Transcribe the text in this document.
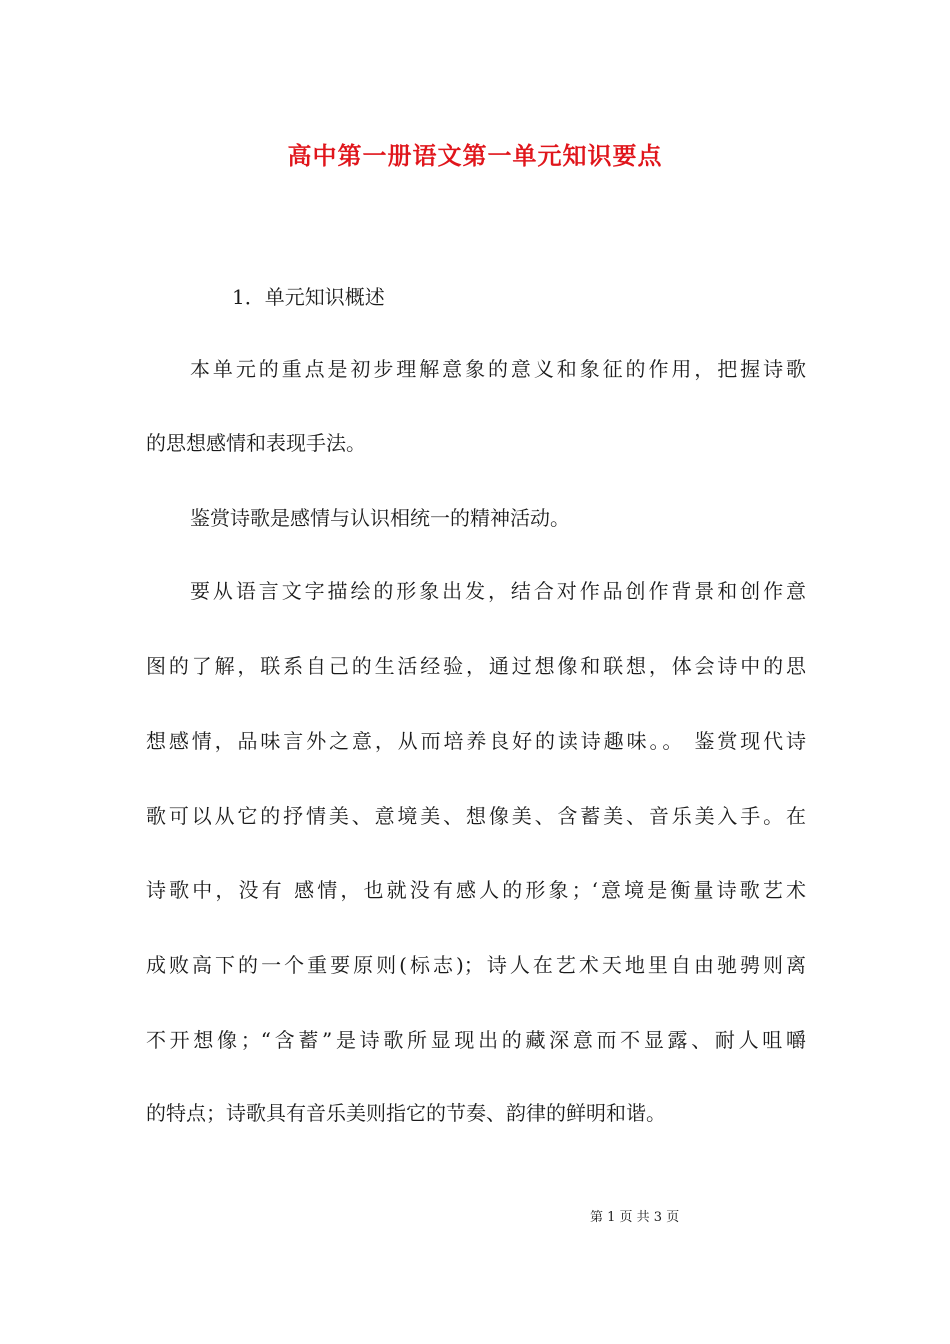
高中第一册语文第一单元知识要点

1．单元知识概述

本单元的重点是初步理解意象的意义和象征的作用，把握诗歌

的思想感情和表现手法。

鉴赏诗歌是感情与认识相统一的精神活动。

要从语言文字描绘的形象出发，结合对作品创作背景和创作意

图的了解，联系自己的生活经验，通过想像和联想，体会诗中的思

想感情，品味言外之意，从而培养良好的读诗趣味。。 鉴赏现代诗

歌可以从它的抒情美、意境美、想像美、含蓄美、音乐美入手。在

诗歌中，没有 感情，也就没有感人的形象；‘意境是衡量诗歌艺术

成败高下的一个重要原则(标志)；诗人在艺术天地里自由驰骋则离

不开想像；“含蓄”是诗歌所显现出的藏深意而不显露、耐人咀嚼

的特点；诗歌具有音乐美则指它的节奏、韵律的鲜明和谐。

第 1 页 共 3 页
